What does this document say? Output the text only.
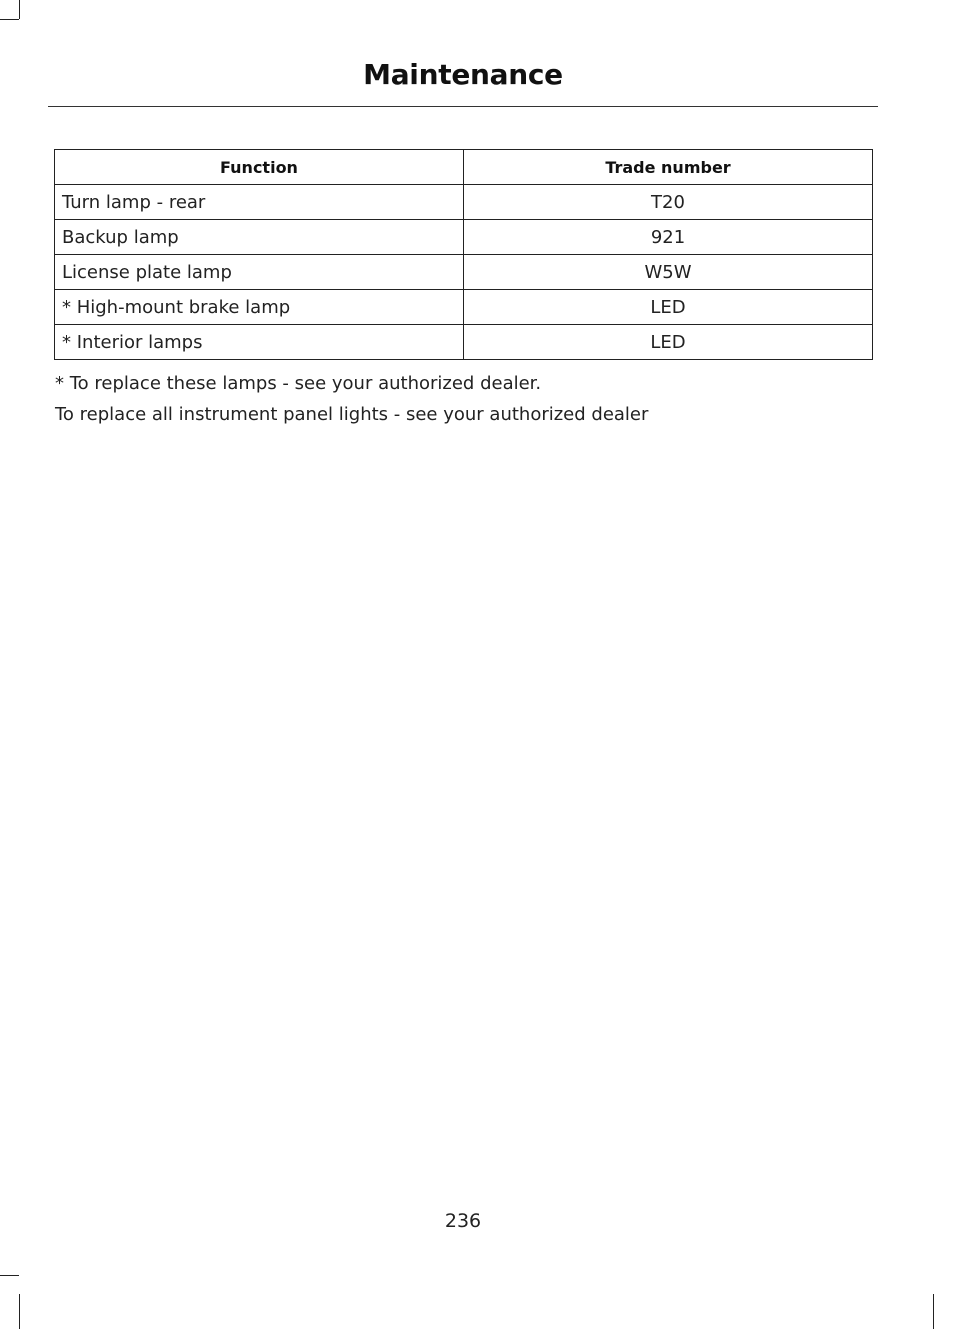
Maintenance
Function	Trade number
Turn lamp - rear	T20
Backup lamp	921
License plate lamp	W5W
* High-mount brake lamp	LED
* Interior lamps	LED

* To replace these lamps - see your authorized dealer.

To replace all instrument panel lights - see your authorized dealer

236
